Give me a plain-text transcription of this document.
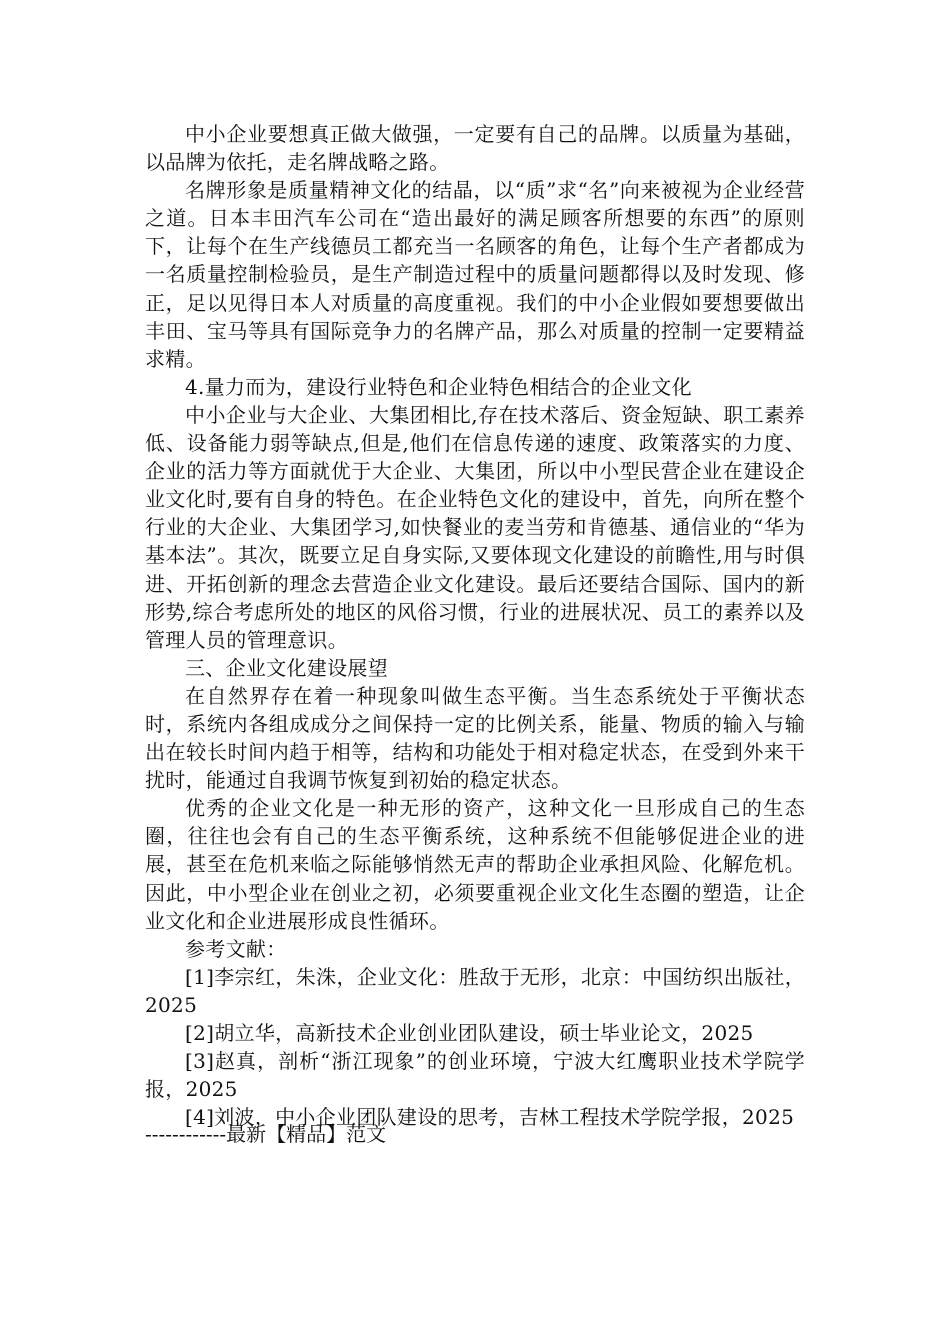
中小企业要想真正做大做强，一定要有自己的品牌。以质量为基础，以品牌为依托，走名牌战略之路。

名牌形象是质量精神文化的结晶，以“质”求“名”向来被视为企业经营之道。日本丰田汽车公司在“造出最好的满足顾客所想要的东西”的原则下，让每个在生产线德员工都充当一名顾客的角色，让每个生产者都成为一名质量控制检验员，是生产制造过程中的质量问题都得以及时发现、修正，足以见得日本人对质量的高度重视。我们的中小企业假如要想要做出丰田、宝马等具有国际竞争力的名牌产品，那么对质量的控制一定要精益求精。

4.量力而为，建设行业特色和企业特色相结合的企业文化

中小企业与大企业、大集团相比,存在技术落后、资金短缺、职工素养低、设备能力弱等缺点,但是,他们在信息传递的速度、政策落实的力度、企业的活力等方面就优于大企业、大集团，所以中小型民营企业在建设企业文化时,要有自身的特色。在企业特色文化的建设中，首先，向所在整个行业的大企业、大集团学习,如快餐业的麦当劳和肯德基、通信业的“华为基本法”。其次，既要立足自身实际,又要体现文化建设的前瞻性,用与时俱进、开拓创新的理念去营造企业文化建设。最后还要结合国际、国内的新形势,综合考虑所处的地区的风俗习惯，行业的进展状况、员工的素养以及管理人员的管理意识。

三、企业文化建设展望

在自然界存在着一种现象叫做生态平衡。当生态系统处于平衡状态时，系统内各组成成分之间保持一定的比例关系，能量、物质的输入与输出在较长时间内趋于相等，结构和功能处于相对稳定状态，在受到外来干扰时，能通过自我调节恢复到初始的稳定状态。

优秀的企业文化是一种无形的资产，这种文化一旦形成自己的生态圈，往往也会有自己的生态平衡系统，这种系统不但能够促进企业的进展，甚至在危机来临之际能够悄然无声的帮助企业承担风险、化解危机。因此，中小型企业在创业之初，必须要重视企业文化生态圈的塑造，让企业文化和企业进展形成良性循环。

参考文献：

[1]李宗红，朱洙，企业文化：胜敌于无形，北京：中国纺织出版社，2025

[2]胡立华，高新技术企业创业团队建设，硕士毕业论文，2025

[3]赵真，剖析“浙江现象”的创业环境，宁波大红鹰职业技术学院学报，2025

[4]刘波，中小企业团队建设的思考，吉林工程技术学院学报，2025

------------最新【精品】范文
